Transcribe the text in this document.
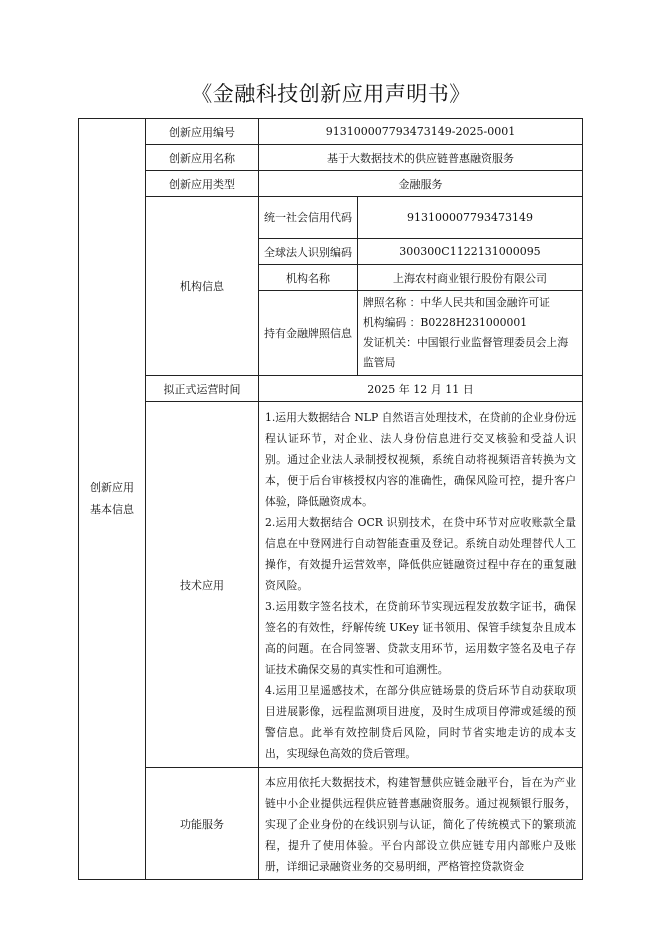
《金融科技创新应用声明书》
创新应用
基本信息	创新应用编号	913100007793473149-2025-0001	
	创新应用名称	基于大数据技术的供应链普惠融资服务	
	创新应用类型	金融服务	
	机构信息	统一社会信用代码	913100007793473149
		全球法人识别编码	300300C1122131000095
		机构名称	上海农村商业银行股份有限公司
		持有金融牌照信息	牌照名称 ：中华人民共和国金融许可证
机构编码 ：B0228H231000001
发证机关：中国银行业监督管理委员会上海监管局

	拟正式运营时间	2025 年 12 月 11 日	
	技术应用	1.运用大数据结合 NLP 自然语言处理技术，在贷前的企业身份远程认证环节，对企业、法人身份信息进行交叉核验和受益人识别。通过企业法人录制授权视频，系统自动将视频语音转换为文本，便于后台审核授权内容的准确性，确保风险可控，提升客户体验，降低融资成本。

2.运用大数据结合 OCR 识别技术，在贷中环节对应收账款全量信息在中登网进行自动智能查重及登记。系统自动处理替代人工操作，有效提升运营效率，降低供应链融资过程中存在的重复融资风险。

3.运用数字签名技术，在贷前环节实现远程发放数字证书，确保签名的有效性，纾解传统 UKey 证书领用、保管手续复杂且成本高的问题。在合同签署、贷款支用环节，运用数字签名及电子存证技术确保交易的真实性和可追溯性。

4.运用卫星遥感技术，在部分供应链场景的贷后环节自动获取项目进展影像，远程监测项目进度，及时生成项目停滞或延缓的预警信息。此举有效控制贷后风险，同时节省实地走访的成本支出，实现绿色高效的贷后管理。	

	功能服务	本应用依托大数据技术，构建智慧供应链金融平台，旨在为产业链中小企业提供远程供应链普惠融资服务。通过视频银行服务，实现了企业身份的在线识别与认证，简化了传统模式下的繁琐流程，提升了使用体验。平台内部设立供应链专用内部账户及账册，详细记录融资业务的交易明细，严格管控贷款资金	
